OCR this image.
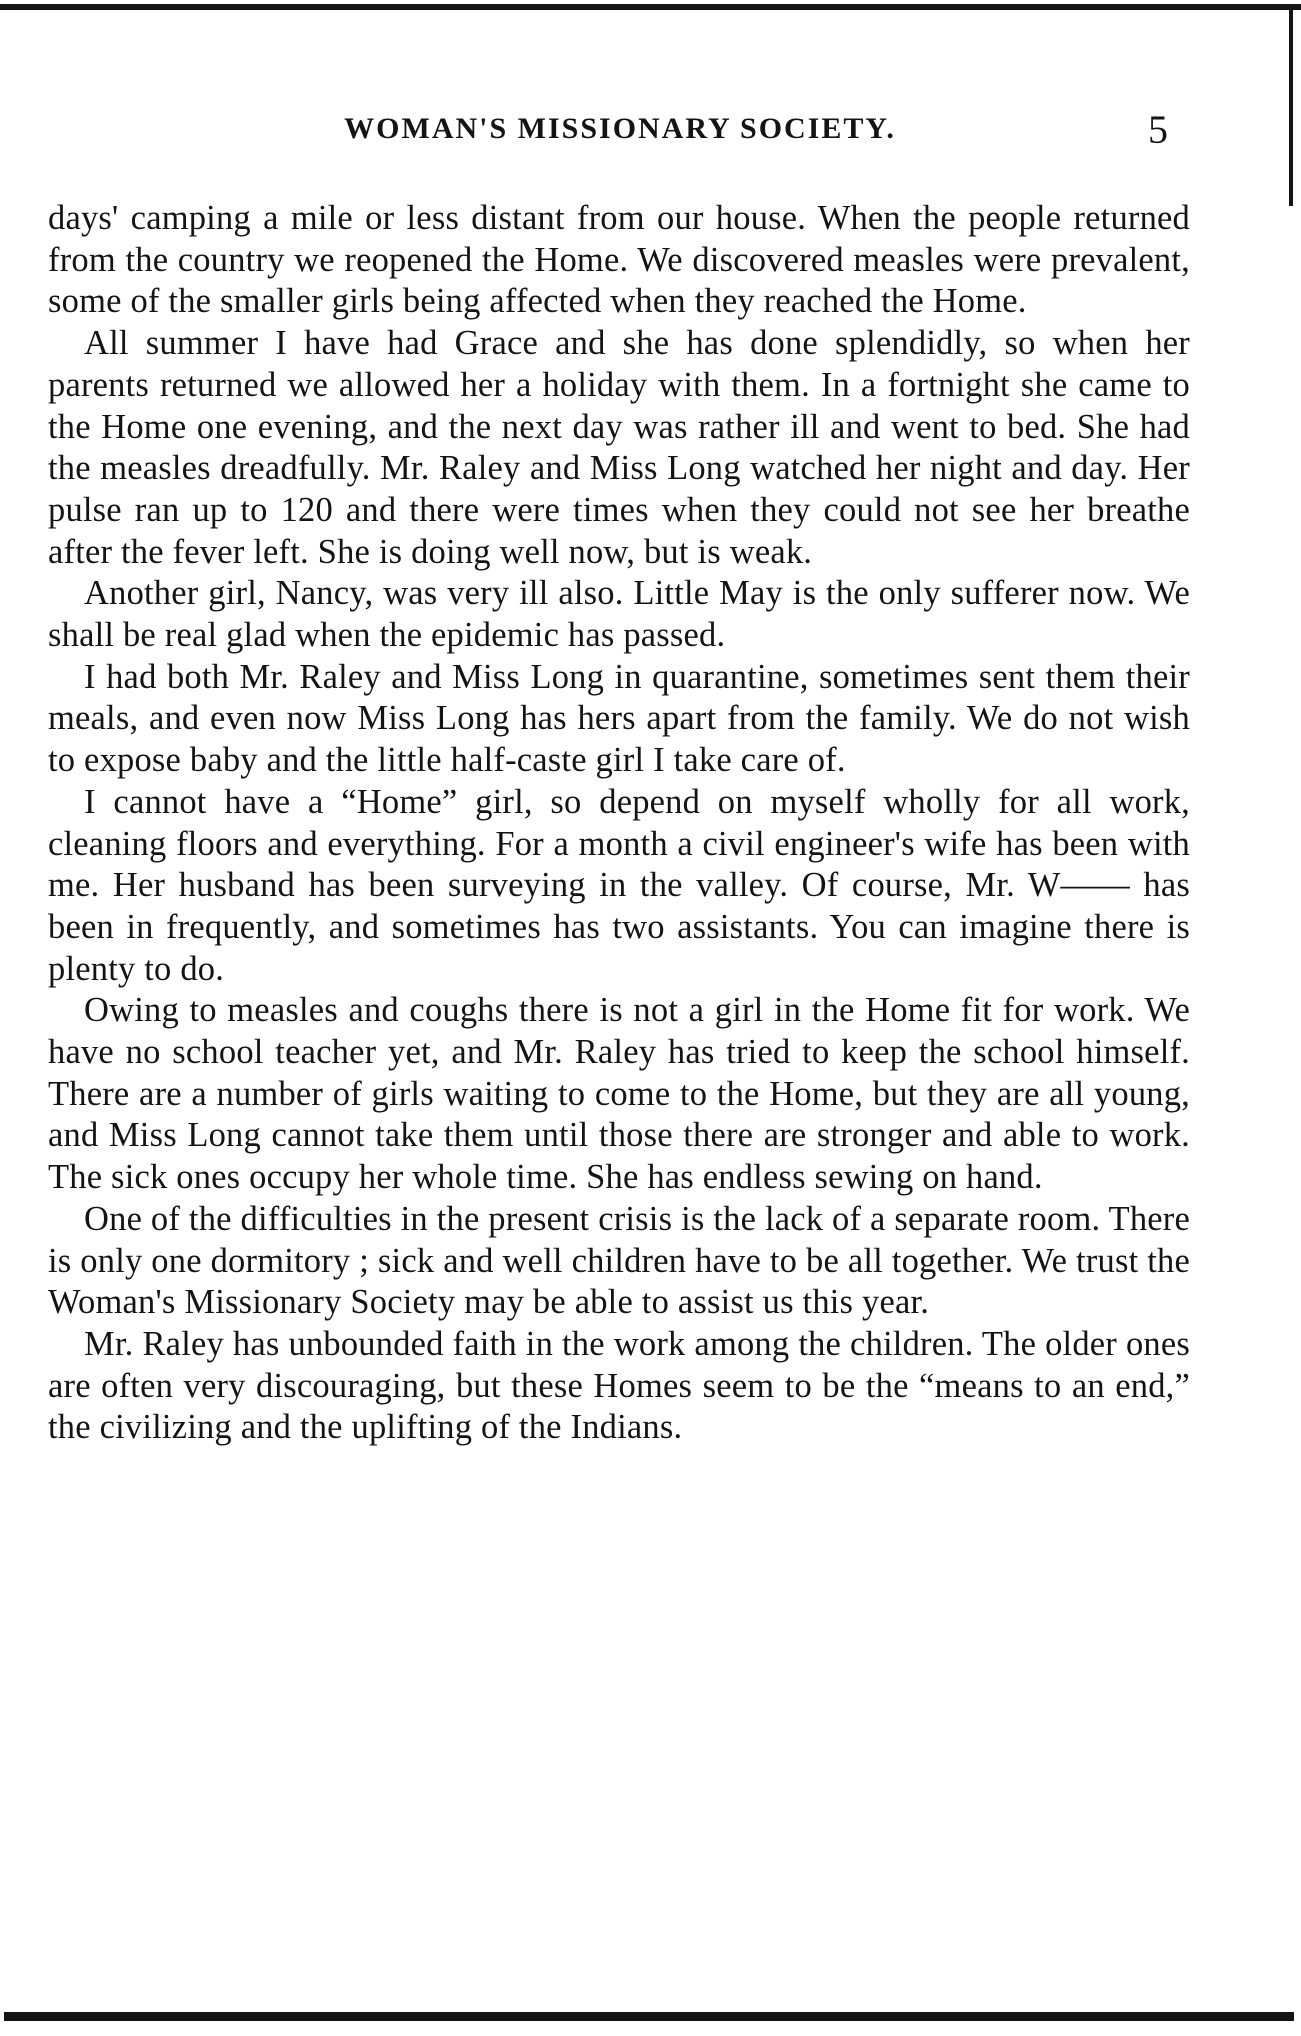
WOMAN'S MISSIONARY SOCIETY.	5

days' camping a mile or less distant from our house. When the people returned from the country we reopened the Home. We discovered measles were prevalent, some of the smaller girls being affected when they reached the Home.

All summer I have had Grace and she has done splendidly, so when her parents returned we allowed her a holiday with them. In a fortnight she came to the Home one evening, and the next day was rather ill and went to bed. She had the measles dreadfully. Mr. Raley and Miss Long watched her night and day. Her pulse ran up to 120 and there were times when they could not see her breathe after the fever left. She is doing well now, but is weak.

Another girl, Nancy, was very ill also. Little May is the only sufferer now. We shall be real glad when the epidemic has passed.

I had both Mr. Raley and Miss Long in quarantine, sometimes sent them their meals, and even now Miss Long has hers apart from the family. We do not wish to expose baby and the little half-caste girl I take care of.

I cannot have a “Home” girl, so depend on myself wholly for all work, cleaning floors and everything. For a month a civil engineer's wife has been with me. Her husband has been surveying in the valley. Of course, Mr. W—— has been in frequently, and sometimes has two assistants. You can imagine there is plenty to do.

Owing to measles and coughs there is not a girl in the Home fit for work. We have no school teacher yet, and Mr. Raley has tried to keep the school himself. There are a number of girls waiting to come to the Home, but they are all young, and Miss Long cannot take them until those there are stronger and able to work. The sick ones occupy her whole time. She has endless sewing on hand.

One of the difficulties in the present crisis is the lack of a separate room. There is only one dormitory ; sick and well children have to be all together. We trust the Woman's Missionary Society may be able to assist us this year.

Mr. Raley has unbounded faith in the work among the children. The older ones are often very discouraging, but these Homes seem to be the “means to an end,” the civilizing and the uplifting of the Indians.
